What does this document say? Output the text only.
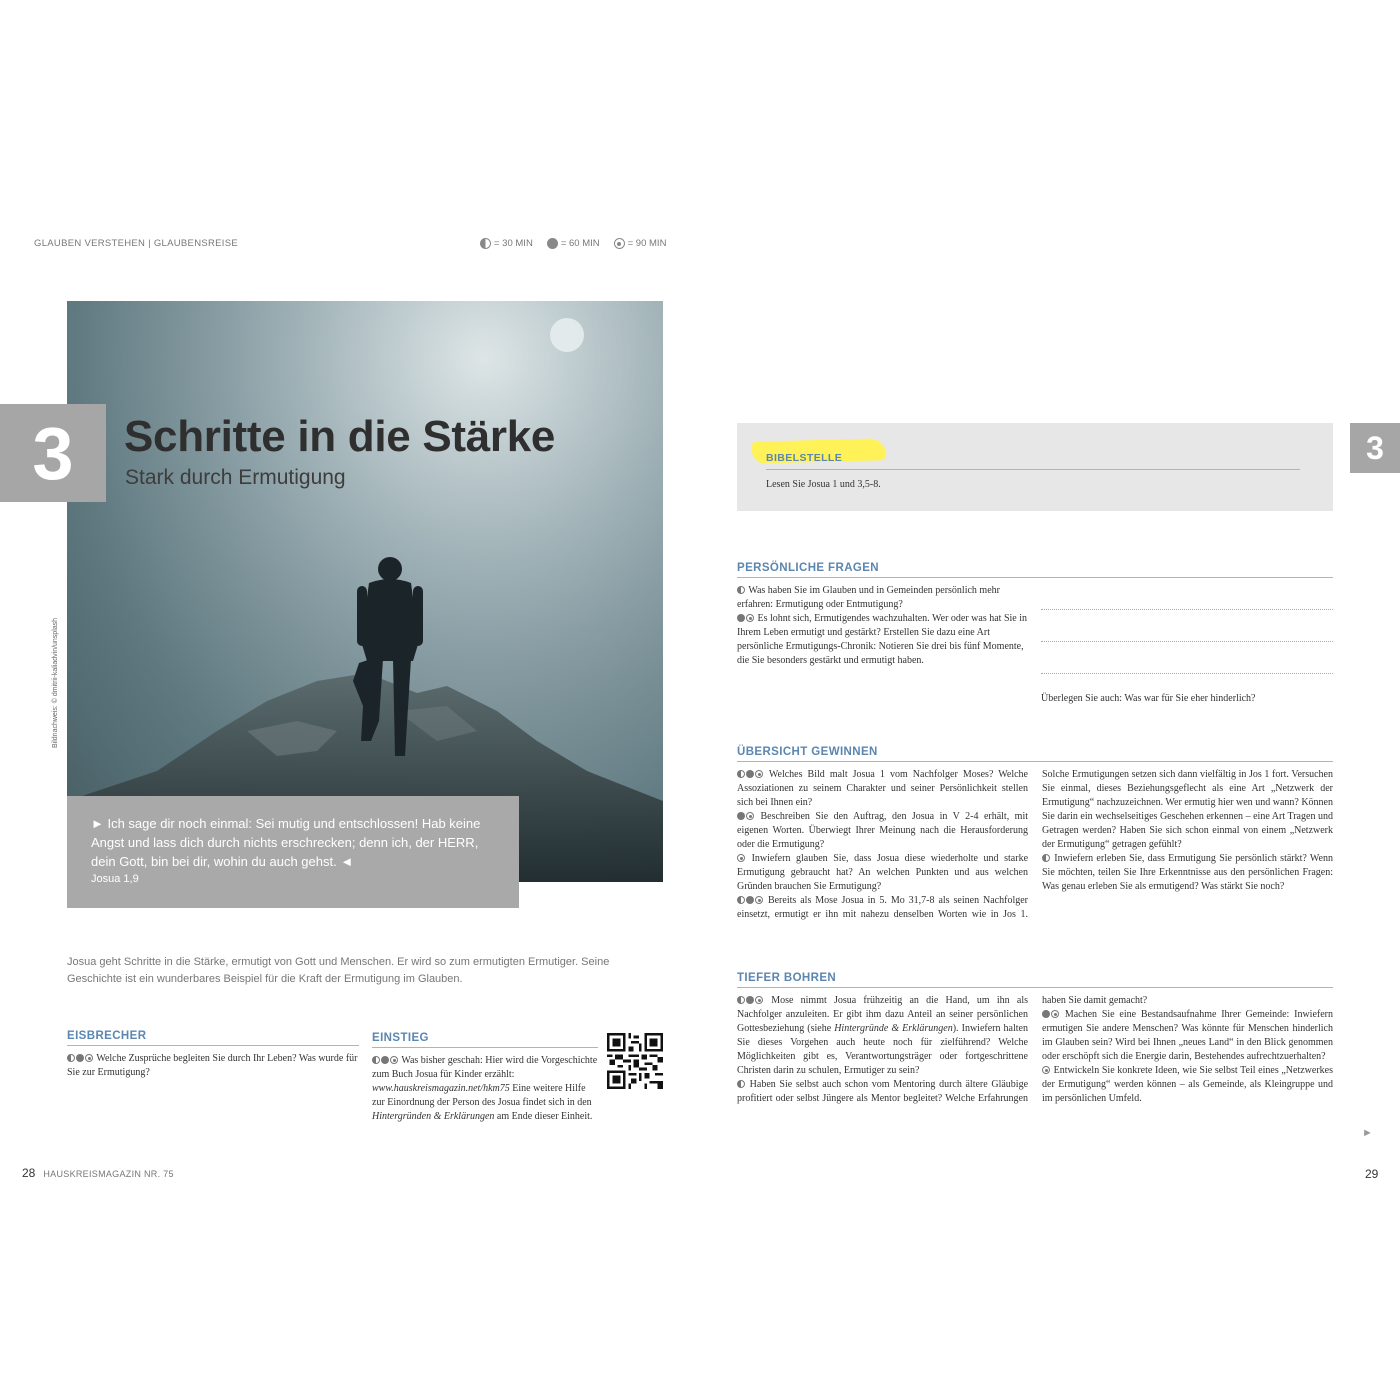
GLAUBEN VERSTEHEN | GLAUBENSREISE	= 30 MIN	= 60 MIN	= 90 MIN
3	Schritte in die Stärke
Stark durch Ermutigung
Bildnachweis: © dmitrii-kaliadvin/unsplash
► Ich sage dir noch einmal: Sei mutig und entschlossen! Hab keine Angst und lass dich durch nichts erschrecken; denn ich, der HERR, dein Gott, bin bei dir, wohin du auch gehst. ◄
Josua 1,9
Josua geht Schritte in die Stärke, ermutigt von Gott und Menschen. Er wird so zum ermutigten Ermutiger. Seine Geschichte ist ein wunderbares Beispiel für die Kraft der Ermutigung im Glauben.
EISBRECHER
Welche Zusprüche begleiten Sie durch Ihr Leben? Was wurde für Sie zur Ermutigung?
EINSTIEG
Was bisher geschah: Hier wird die Vorgeschichte zum Buch Josua für Kinder erzählt: www.hauskreismagazin.net/hkm75 Eine weitere Hilfe zur Einordnung der Person des Josua findet sich in den Hintergründen & Erklärungen am Ende dieser Einheit.
28 HAUSKREISMAGAZIN NR. 75
3
BIBELSTELLE
Lesen Sie Josua 1 und 3,5-8.
PERSÖNLICHE FRAGEN
Was haben Sie im Glauben und in Gemeinden persönlich mehr erfahren: Ermutigung oder Entmutigung?
Es lohnt sich, Ermutigendes wachzuhalten. Wer oder was hat Sie in Ihrem Leben ermutigt und gestärkt? Erstellen Sie dazu eine Art persönliche Ermutigungs-Chronik: Notieren Sie drei bis fünf Momente, die Sie besonders gestärkt und ermutigt haben.
Überlegen Sie auch: Was war für Sie eher hinderlich?
ÜBERSICHT GEWINNEN
Welches Bild malt Josua 1 vom Nachfolger Moses? Welche Assoziationen zu seinem Charakter und seiner Persönlichkeit stellen sich bei Ihnen ein?
Beschreiben Sie den Auftrag, den Josua in V 2-4 erhält, mit eigenen Worten. Überwiegt Ihrer Meinung nach die Herausforderung oder die Ermutigung?
Inwiefern glauben Sie, dass Josua diese wiederholte und starke Ermutigung gebraucht hat? An welchen Punkten und aus welchen Gründen brauchen Sie Ermutigung?
Bereits als Mose Josua in 5. Mo 31,7-8 als seinen Nachfolger einsetzt, ermutigt er ihn mit nahezu denselben Worten wie in Jos 1. Solche Ermutigungen setzen sich dann vielfältig in Jos 1 fort. Versuchen Sie einmal, dieses Beziehungsgeflecht als eine Art „Netzwerk der Ermutigung“ nachzuzeichnen. Wer ermutig hier wen und wann? Können Sie darin ein wechselseitiges Geschehen erkennen – eine Art Tragen und Getragen werden? Haben Sie sich schon einmal von einem „Netzwerk der Ermutigung“ getragen gefühlt?
Inwiefern erleben Sie, dass Ermutigung Sie persönlich stärkt? Wenn Sie möchten, teilen Sie Ihre Erkenntnisse aus den persönlichen Fragen: Was genau erleben Sie als ermutigend? Was stärkt Sie noch?
TIEFER BOHREN
Mose nimmt Josua frühzeitig an die Hand, um ihn als Nachfolger anzuleiten. Er gibt ihm dazu Anteil an seiner persönlichen Gottesbeziehung (siehe Hintergründe & Erklärungen). Inwiefern halten Sie dieses Vorgehen auch heute noch für zielführend? Welche Möglichkeiten gibt es, Verantwortungsträger oder fortgeschrittene Christen darin zu schulen, Ermutiger zu sein?
Haben Sie selbst auch schon vom Mentoring durch ältere Gläubige profitiert oder selbst Jüngere als Mentor begleitet? Welche Erfahrungen haben Sie damit gemacht?
Machen Sie eine Bestandsaufnahme Ihrer Gemeinde: Inwiefern ermutigen Sie andere Menschen? Was könnte für Menschen hinderlich im Glauben sein? Wird bei Ihnen „neues Land“ in den Blick genommen oder erschöpft sich die Energie darin, Bestehendes aufrechtzuerhalten?
Entwickeln Sie konkrete Ideen, wie Sie selbst Teil eines „Netzwerkes der Ermutigung“ werden können – als Gemeinde, als Kleingruppe und im persönlichen Umfeld.
►
29
